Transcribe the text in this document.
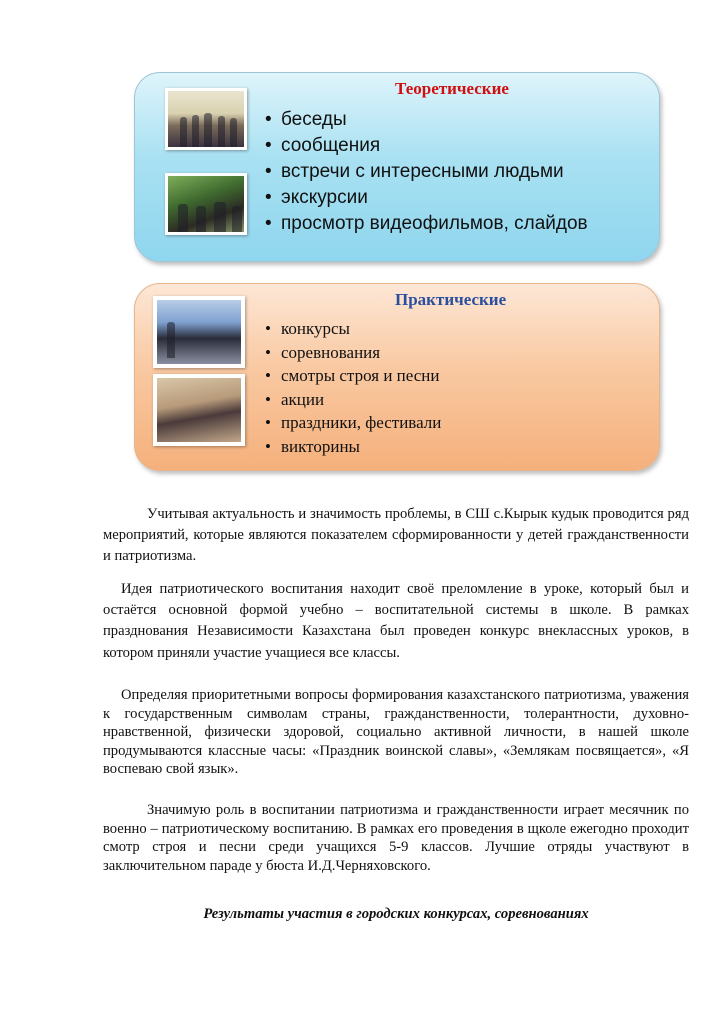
Теоретические
• беседы
• сообщения
• встречи с интересными людьми
• экскурсии
• просмотр видеофильмов, слайдов
Практические
• конкурсы
• соревнования
• смотры строя и песни
• акции
• праздники, фестивали
• викторины

Учитывая актуальность и значимость проблемы, в СШ с.Кырык кудык проводится ряд мероприятий, которые являются показателем сформированности у детей гражданственности и патриотизма.

Идея патриотического воспитания находит своё преломление в уроке, который был и остаётся основной формой учебно – воспитательной системы в школе. В рамках празднования Независимости Казахстана был проведен конкурс внеклассных уроков, в котором приняли участие учащиеся все классы.

Определяя приоритетными вопросы формирования казахстанского патриотизма, уважения к государственным символам страны, гражданственности, толерантности, духовно-нравственной, физически здоровой, социально активной личности, в нашей школе продумываются классные часы: «Праздник воинской славы», «Землякам посвящается», «Я воспеваю свой язык».

Значимую роль в воспитании патриотизма и гражданственности играет месячник по военно – патриотическому воспитанию. В рамках его проведения в щколе ежегодно проходит смотр строя и песни среди учащихся 5-9 классов. Лучшие отряды участвуют в заключительном параде у бюста И.Д.Черняховского.

Результаты участия в городских конкурсах, соревнованиях
